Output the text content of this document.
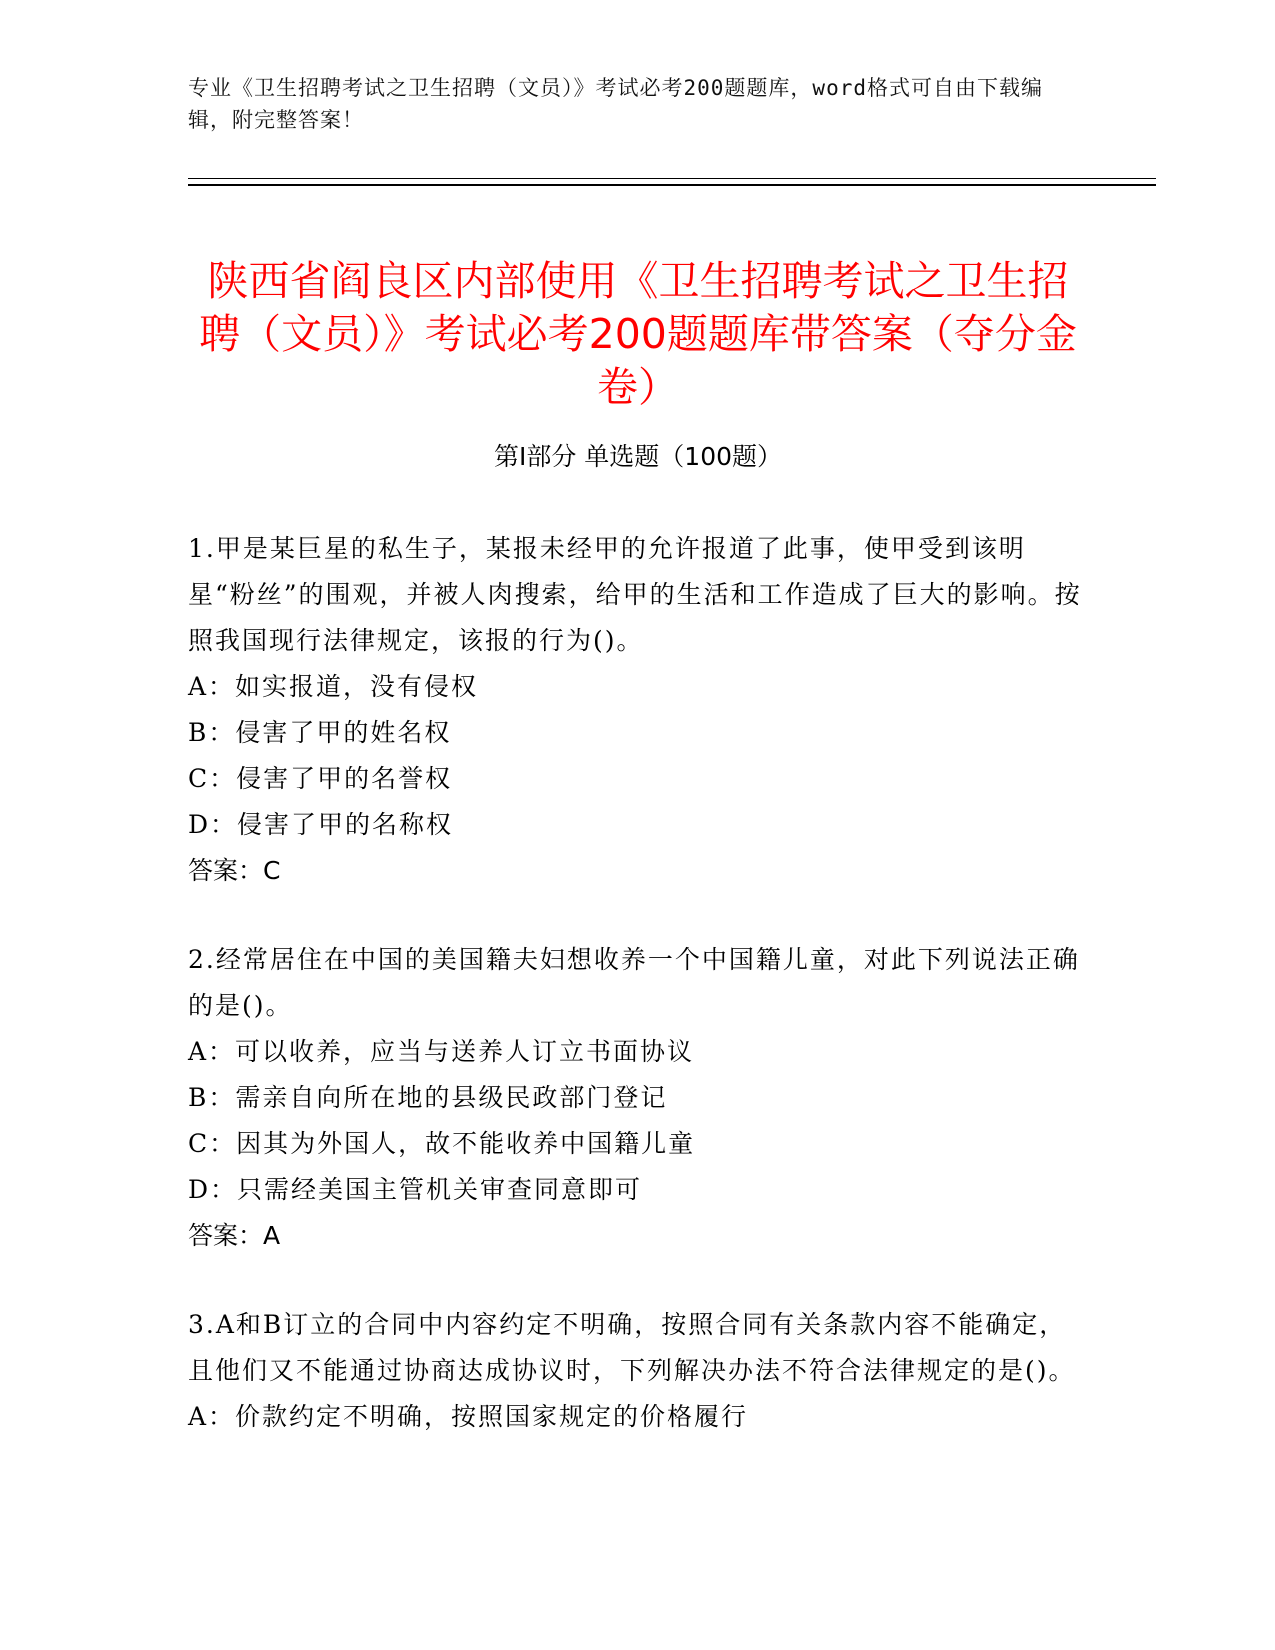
专业《卫生招聘考试之卫生招聘（文员）》考试必考200题题库，word格式可自由下载编辑，附完整答案！
陕西省阎良区内部使用《卫生招聘考试之卫生招聘（文员）》考试必考200题题库带答案（夺分金卷）
第Ⅰ部分 单选题（100题）

1.甲是某巨星的私生子，某报未经甲的允许报道了此事，使甲受到该明星“粉丝”的围观，并被人肉搜索，给甲的生活和工作造成了巨大的影响。按照我国现行法律规定，该报的行为()。

A：如实报道，没有侵权

B：侵害了甲的姓名权

C：侵害了甲的名誉权

D：侵害了甲的名称权

答案：C

2.经常居住在中国的美国籍夫妇想收养一个中国籍儿童，对此下列说法正确的是()。

A：可以收养，应当与送养人订立书面协议

B：需亲自向所在地的县级民政部门登记

C：因其为外国人，故不能收养中国籍儿童

D：只需经美国主管机关审查同意即可

答案：A

3.A和B订立的合同中内容约定不明确，按照合同有关条款内容不能确定，且他们又不能通过协商达成协议时，下列解决办法不符合法律规定的是()。

A：价款约定不明确，按照国家规定的价格履行
